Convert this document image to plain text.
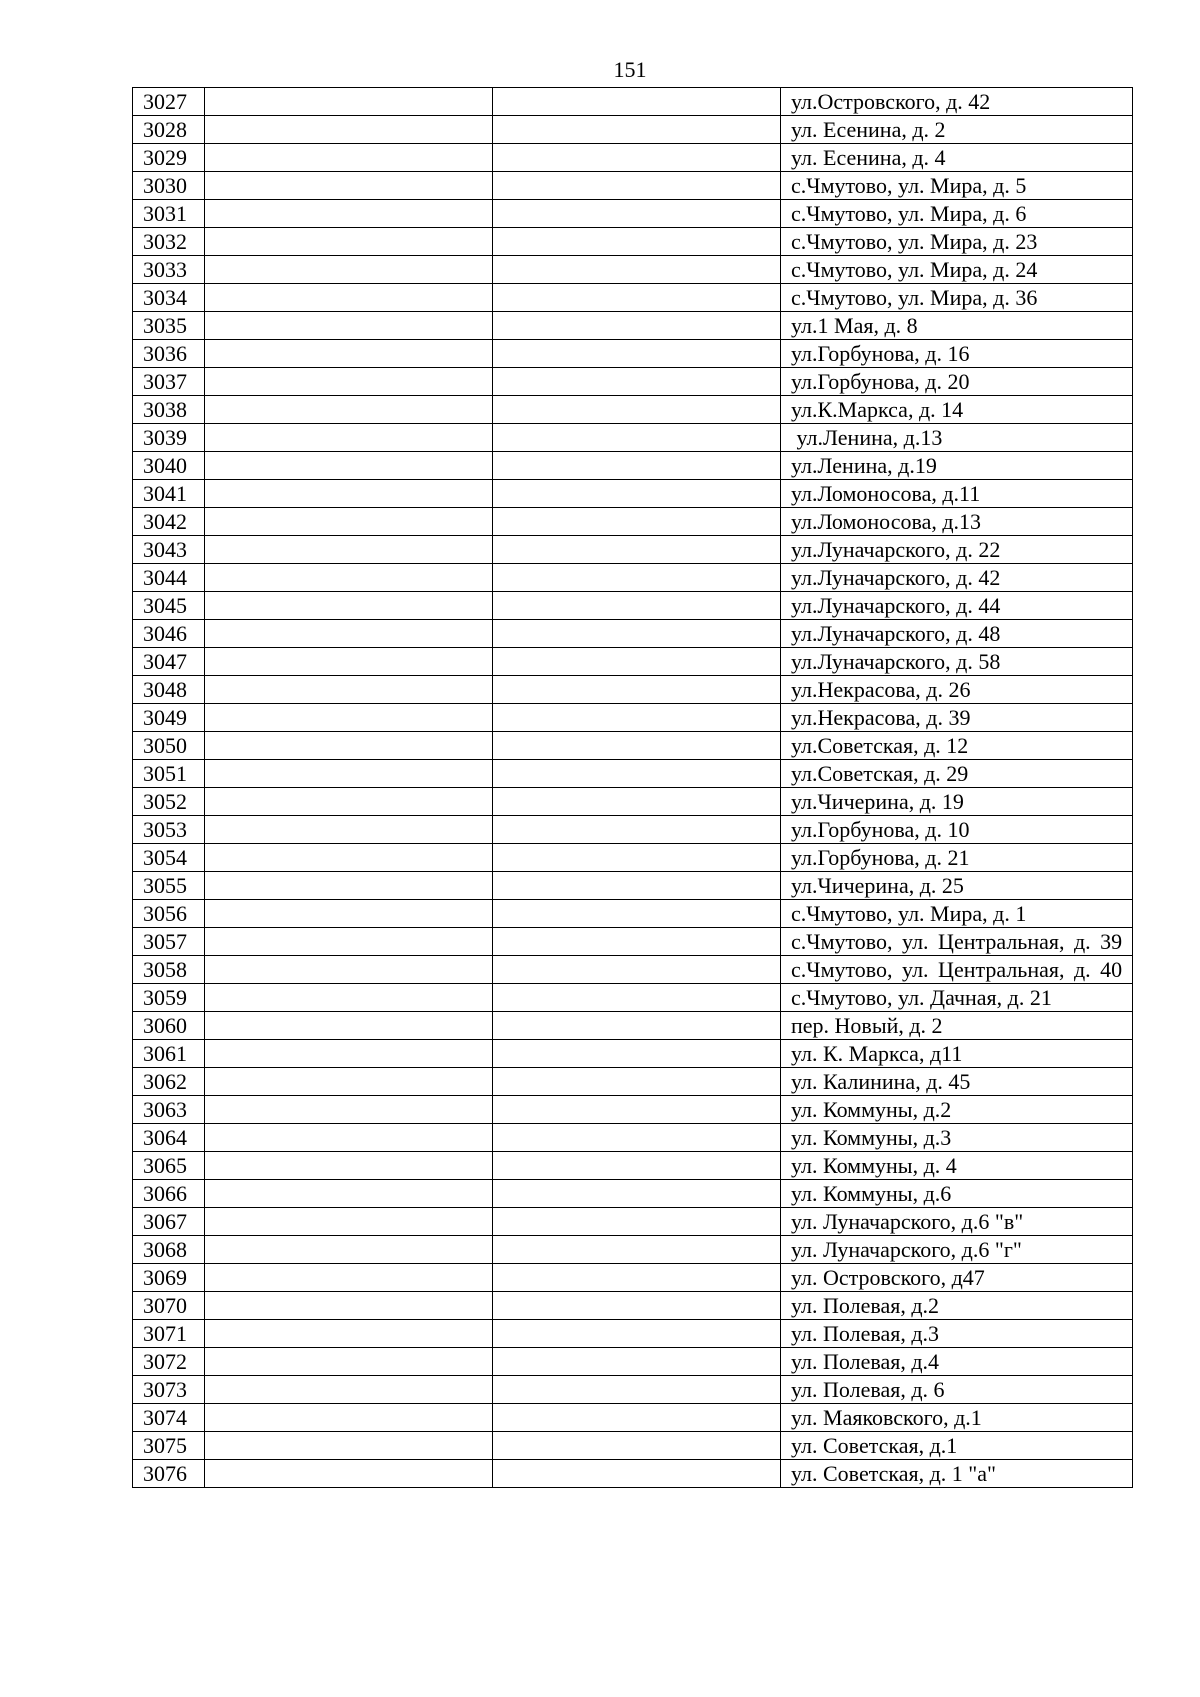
151
3027			ул.Островского, д. 42
3028			ул. Есенина, д. 2
3029			ул. Есенина, д. 4
3030			с.Чмутово, ул. Мира, д. 5
3031			с.Чмутово, ул. Мира, д. 6
3032			с.Чмутово, ул. Мира, д. 23
3033			с.Чмутово, ул. Мира, д. 24
3034			с.Чмутово, ул. Мира, д. 36
3035			ул.1 Мая, д. 8
3036			ул.Горбунова, д. 16
3037			ул.Горбунова, д. 20
3038			ул.К.Маркса, д. 14
3039			ул.Ленина, д.13
3040			ул.Ленина, д.19
3041			ул.Ломоносова, д.11
3042			ул.Ломоносова, д.13
3043			ул.Луначарского, д. 22
3044			ул.Луначарского, д. 42
3045			ул.Луначарского, д. 44
3046			ул.Луначарского, д. 48
3047			ул.Луначарского, д. 58
3048			ул.Некрасова, д. 26
3049			ул.Некрасова, д. 39
3050			ул.Советская, д. 12
3051			ул.Советская, д. 29
3052			ул.Чичерина, д. 19
3053			ул.Горбунова, д. 10
3054			ул.Горбунова, д. 21
3055			ул.Чичерина, д. 25
3056			с.Чмутово, ул. Мира, д. 1
3057			с.Чмутово, ул. Центральная, д. 39
3058			с.Чмутово, ул. Центральная, д. 40
3059			с.Чмутово, ул. Дачная, д. 21
3060			пер. Новый, д. 2
3061			ул. К. Маркса, д11
3062			ул. Калинина, д. 45
3063			ул. Коммуны, д.2
3064			ул. Коммуны, д.3
3065			ул. Коммуны, д. 4
3066			ул. Коммуны, д.6
3067			ул. Луначарского, д.6 "в"
3068			ул. Луначарского, д.6 "г"
3069			ул. Островского, д47
3070			ул. Полевая, д.2
3071			ул. Полевая, д.3
3072			ул. Полевая, д.4
3073			ул. Полевая, д. 6
3074			ул. Маяковского, д.1
3075			ул. Советская, д.1
3076			ул. Советская, д. 1 "а"
